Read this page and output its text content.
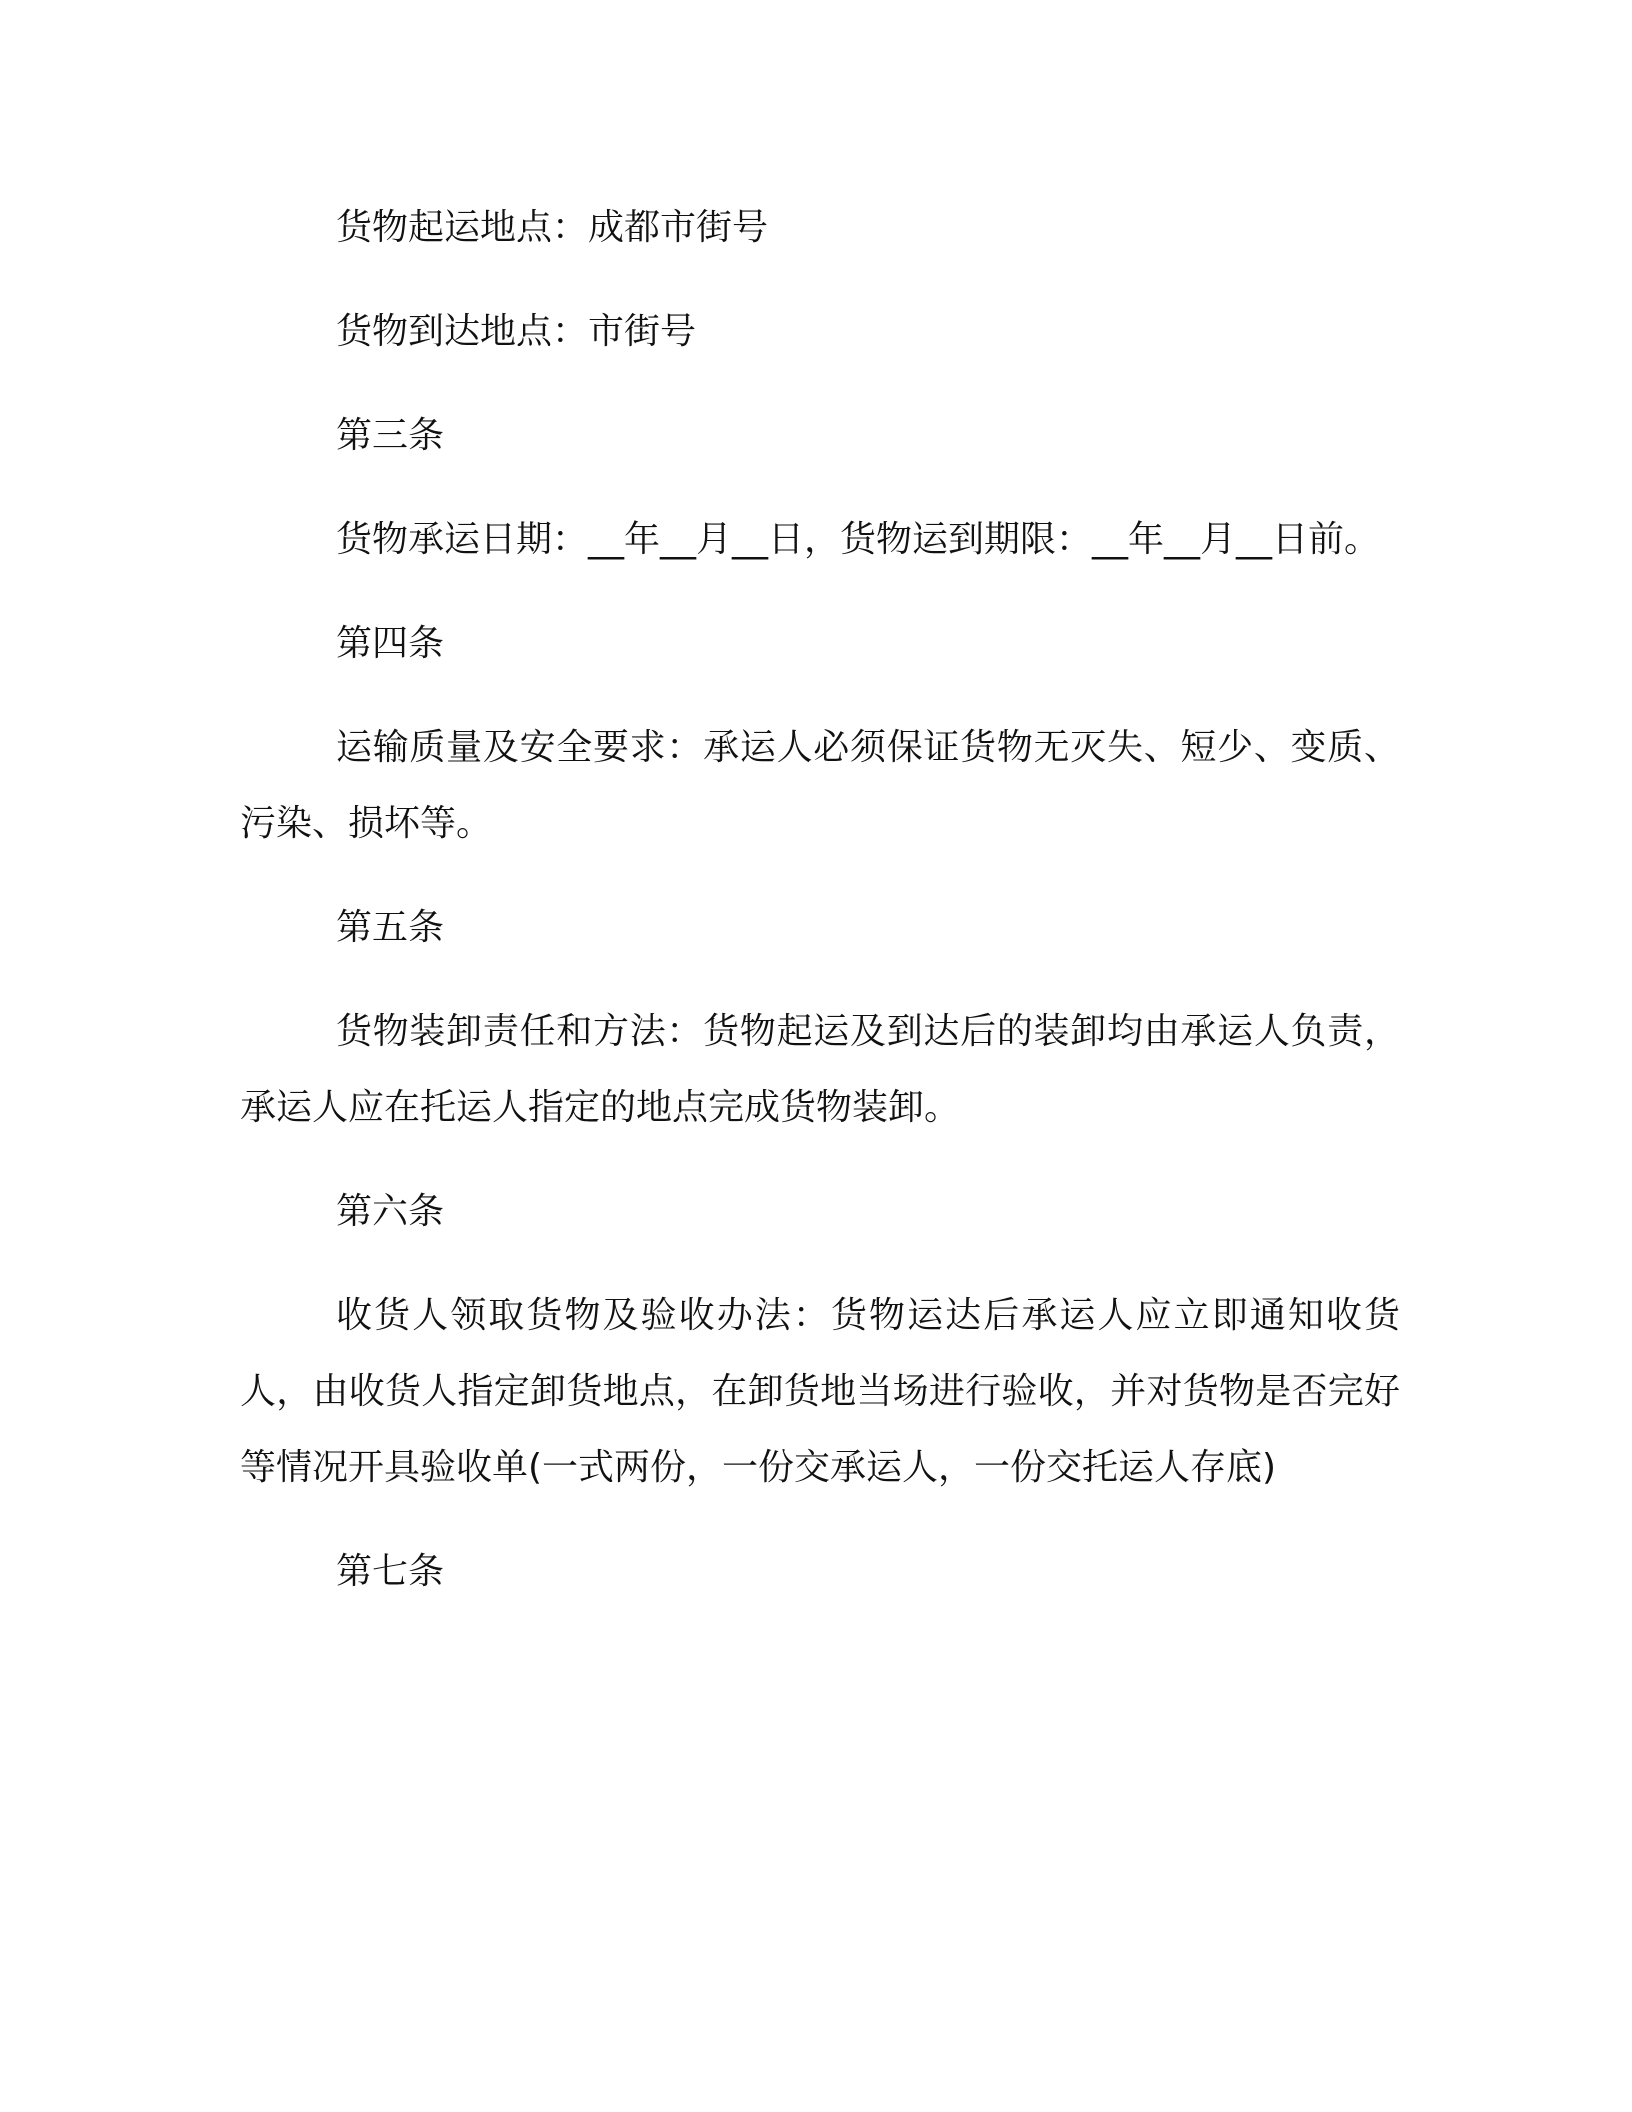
货物起运地点：成都市街号

货物到达地点：市街号

第三条

货物承运日期：__年__月__日，货物运到期限：__年__月__日前。

第四条

运输质量及安全要求：承运人必须保证货物无灭失、短少、变质、污染、损坏等。

第五条

货物装卸责任和方法：货物起运及到达后的装卸均由承运人负责，承运人应在托运人指定的地点完成货物装卸。

第六条

收货人领取货物及验收办法：货物运达后承运人应立即通知收货人，由收货人指定卸货地点，在卸货地当场进行验收，并对货物是否完好等情况开具验收单(一式两份，一份交承运人，一份交托运人存底)

第七条
